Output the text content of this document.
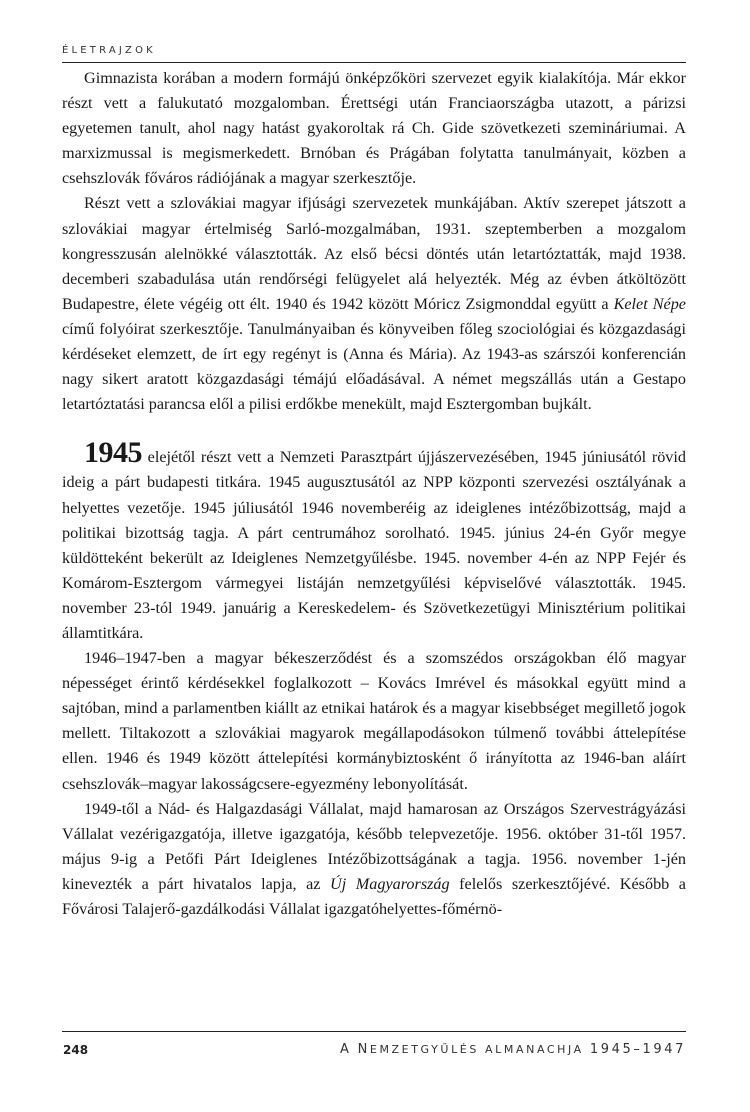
ÉLETRAJZOK

Gimnazista korában a modern formájú önképzőköri szervezet egyik kialakítója. Már ekkor részt vett a falukutató mozgalomban. Érettségi után Franciaországba utazott, a párizsi egyetemen tanult, ahol nagy hatást gyakoroltak rá Ch. Gide szövetkezeti szemináriumai. A marxizmussal is megismerkedett. Brnóban és Prágában folytatta tanulmányait, közben a csehszlovák főváros rádiójának a magyar szerkesztője.

Részt vett a szlovákiai magyar ifjúsági szervezetek munkájában. Aktív szerepet játszott a szlovákiai magyar értelmiség Sarló-mozgalmában, 1931. szeptemberben a mozgalom kongresszusán alelnökké választották. Az első bécsi döntés után letartóztatták, majd 1938. decemberi szabadulása után rendőrségi felügyelet alá helyezték. Még az évben átköltözött Budapestre, élete végéig ott élt. 1940 és 1942 között Móricz Zsigmonddal együtt a Kelet Népe című folyóirat szerkesztője. Tanulmányaiban és könyveiben főleg szociológiai és közgazdasági kérdéseket elemzett, de írt egy regényt is (Anna és Mária). Az 1943-as szárszói konferencián nagy sikert aratott közgazdasági témájú előadásával. A német megszállás után a Gestapo letartóztatási parancsa elől a pilisi erdőkbe menekült, majd Esztergomban bujkált.

1945 elejétől részt vett a Nemzeti Parasztpárt újjászervezésében, 1945 júniusától rövid ideig a párt budapesti titkára. 1945 augusztusától az NPP központi szervezési osztályának a helyettes vezetője. 1945 júliusától 1946 novemberéig az ideiglenes intézőbizottság, majd a politikai bizottság tagja. A párt centrumához sorolható. 1945. június 24-én Győr megye küldötteként bekerült az Ideiglenes Nemzetgyűlésbe. 1945. november 4-én az NPP Fejér és Komárom-Esztergom vármegyei listáján nemzetgyűlési képviselővé választották. 1945. november 23-tól 1949. januárig a Kereskedelem- és Szövetkezetügyi Minisztérium politikai államtitkára.

1946–1947-ben a magyar békeszerződést és a szomszédos országokban élő magyar népességet érintő kérdésekkel foglalkozott – Kovács Imrével és másokkal együtt mind a sajtóban, mind a parlamentben kiállt az etnikai határok és a magyar kisebbséget megillető jogok mellett. Tiltakozott a szlovákiai magyarok megállapodásokon túlmenő további áttelepítése ellen. 1946 és 1949 között áttelepítési kormánybiztosként ő irányította az 1946-ban aláírt csehszlovák–magyar lakosságcsere-egyezmény lebonyolítását.

1949-től a Nád- és Halgazdasági Vállalat, majd hamarosan az Országos Szervestrágyázási Vállalat vezérigazgatója, illetve igazgatója, később telepvezetője. 1956. október 31-től 1957. május 9-ig a Petőfi Párt Ideiglenes Intézőbizottságának a tagja. 1956. november 1-jén kinevezték a párt hivatalos lapja, az Új Magyarország felelős szerkesztőjévé. Később a Fővárosi Talajerő-gazdálkodási Vállalat igazgatóhelyettes-főmérnö-

248	A NEMZETGYŰLÉS ALMANACHJA 1945–1947
